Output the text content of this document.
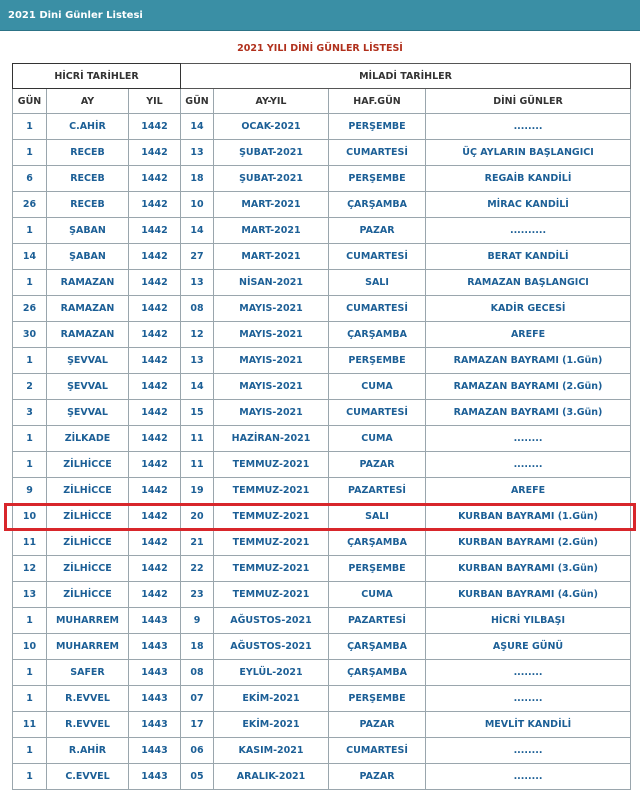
2021 Dini Günler Listesi
2021 YILI DİNİ GÜNLER LİSTESİ
HİCRİ TARİHLER			MİLADİ TARİHLER			
GÜN	AY	YIL	GÜN	AY-YIL	HAF.GÜN	DİNİ GÜNLER
1	C.AHİR	1442	14	OCAK-2021	PERŞEMBE	........
1	RECEB	1442	13	ŞUBAT-2021	CUMARTESİ	ÜÇ AYLARIN BAŞLANGICI
6	RECEB	1442	18	ŞUBAT-2021	PERŞEMBE	REGAİB KANDİLİ
26	RECEB	1442	10	MART-2021	ÇARŞAMBA	MİRAC KANDİLİ
1	ŞABAN	1442	14	MART-2021	PAZAR	..........
14	ŞABAN	1442	27	MART-2021	CUMARTESİ	BERAT KANDİLİ
1	RAMAZAN	1442	13	NİSAN-2021	SALI	RAMAZAN BAŞLANGICI
26	RAMAZAN	1442	08	MAYIS-2021	CUMARTESİ	KADİR GECESİ
30	RAMAZAN	1442	12	MAYIS-2021	ÇARŞAMBA	AREFE
1	ŞEVVAL	1442	13	MAYIS-2021	PERŞEMBE	RAMAZAN BAYRAMI (1.Gün)
2	ŞEVVAL	1442	14	MAYIS-2021	CUMA	RAMAZAN BAYRAMI (2.Gün)
3	ŞEVVAL	1442	15	MAYIS-2021	CUMARTESİ	RAMAZAN BAYRAMI (3.Gün)
1	ZİLKADE	1442	11	HAZİRAN-2021	CUMA	........
1	ZİLHİCCE	1442	11	TEMMUZ-2021	PAZAR	........
9	ZİLHİCCE	1442	19	TEMMUZ-2021	PAZARTESİ	AREFE
10	ZİLHİCCE	1442	20	TEMMUZ-2021	SALI	KURBAN BAYRAMI (1.Gün)
11	ZİLHİCCE	1442	21	TEMMUZ-2021	ÇARŞAMBA	KURBAN BAYRAMI (2.Gün)
12	ZİLHİCCE	1442	22	TEMMUZ-2021	PERŞEMBE	KURBAN BAYRAMI (3.Gün)
13	ZİLHİCCE	1442	23	TEMMUZ-2021	CUMA	KURBAN BAYRAMI (4.Gün)
1	MUHARREM	1443	9	AĞUSTOS-2021	PAZARTESİ	HİCRİ YILBAŞI
10	MUHARREM	1443	18	AĞUSTOS-2021	ÇARŞAMBA	AŞURE GÜNÜ
1	SAFER	1443	08	EYLÜL-2021	ÇARŞAMBA	........
1	R.EVVEL	1443	07	EKİM-2021	PERŞEMBE	........
11	R.EVVEL	1443	17	EKİM-2021	PAZAR	MEVLİT KANDİLİ
1	R.AHİR	1443	06	KASIM-2021	CUMARTESİ	........
1	C.EVVEL	1443	05	ARALIK-2021	PAZAR	........
